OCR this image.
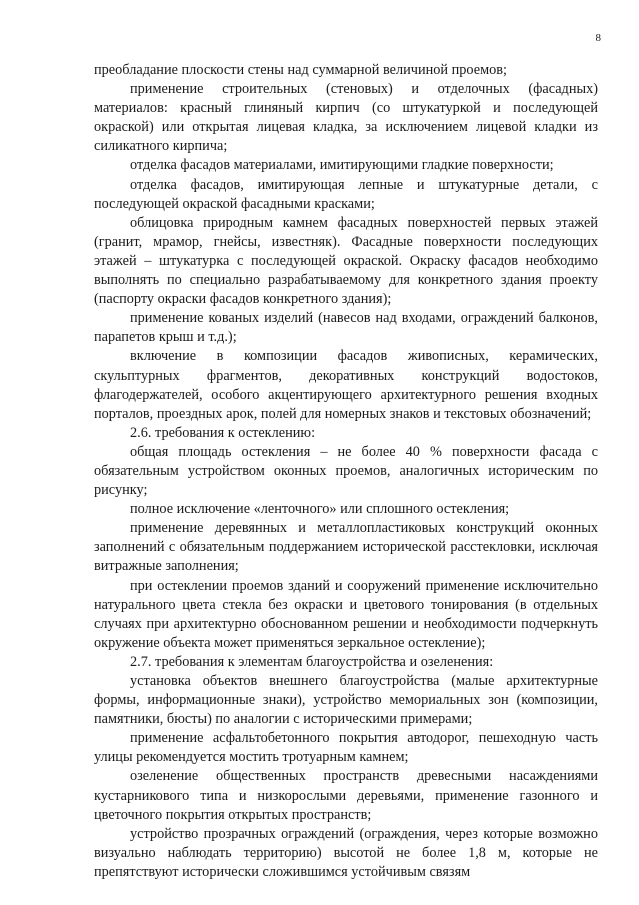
8

преобладание плоскости стены над суммарной величиной проемов;

применение строительных (стеновых) и отделочных (фасадных) материалов: красный глиняный кирпич (со штукатуркой и последующей окраской) или открытая лицевая кладка, за исключением лицевой кладки из силикатного кирпича;

отделка фасадов материалами, имитирующими гладкие поверхности;

отделка фасадов, имитирующая лепные и штукатурные детали, с последующей окраской фасадными красками;

облицовка природным камнем фасадных поверхностей первых этажей (гранит, мрамор, гнейсы, известняк). Фасадные поверхности последующих этажей – штукатурка с последующей окраской. Окраску фасадов необходимо выполнять по специально разрабатываемому для конкретного здания проекту (паспорту окраски фасадов конкретного здания);

применение кованых изделий (навесов над входами, ограждений балконов, парапетов крыш и т.д.);

включение в композиции фасадов живописных, керамических, скульптурных фрагментов, декоративных конструкций водостоков, флагодержателей, особого акцентирующего архитектурного решения входных порталов, проездных арок, полей для номерных знаков и текстовых обозначений;

2.6. требования к остеклению:

общая площадь остекления – не более 40 % поверхности фасада с обязательным устройством оконных проемов, аналогичных историческим по рисунку;

полное исключение «ленточного» или сплошного остекления;

применение деревянных и металлопластиковых конструкций оконных заполнений с обязательным поддержанием исторической расстекловки, исключая витражные заполнения;

при остеклении проемов зданий и сооружений применение исключительно натурального цвета стекла без окраски и цветового тонирования (в отдельных случаях при архитектурно обоснованном решении и необходимости подчеркнуть окружение объекта может применяться зеркальное остекление);

2.7. требования к элементам благоустройства и озеленения:

установка объектов внешнего благоустройства (малые архитектурные формы, информационные знаки), устройство мемориальных зон (композиции, памятники, бюсты) по аналогии с историческими примерами;

применение асфальтобетонного покрытия автодорог, пешеходную часть улицы рекомендуется мостить тротуарным камнем;

озеленение общественных пространств древесными насаждениями кустарникового типа и низкорослыми деревьями, применение газонного и цветочного покрытия открытых пространств;

устройство прозрачных ограждений (ограждения, через которые возможно визуально наблюдать территорию) высотой не более 1,8 м, которые не препятствуют исторически сложившимся устойчивым связям
